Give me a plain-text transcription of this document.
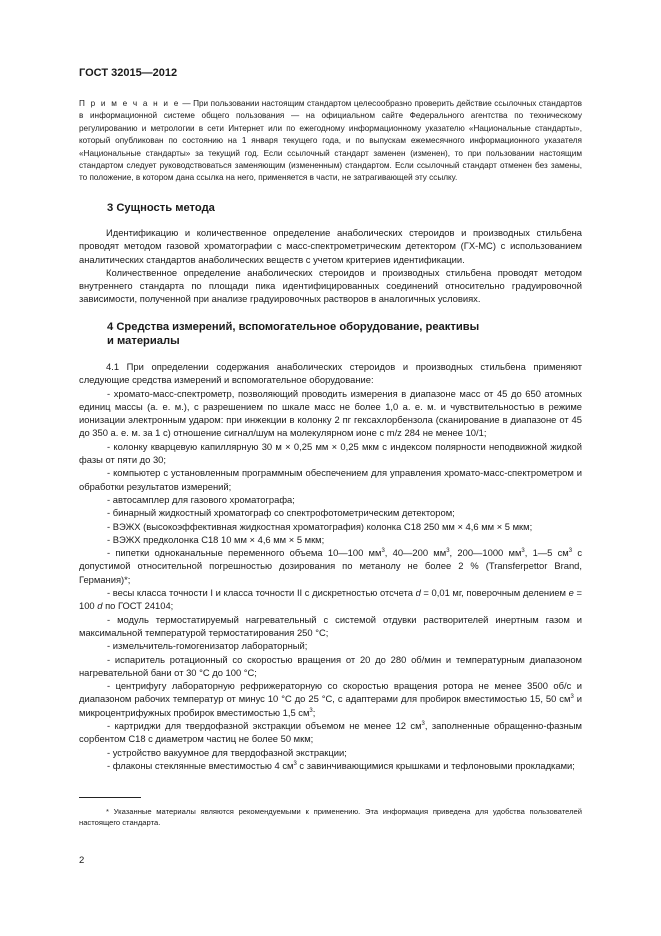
ГОСТ 32015—2012
П р и м е ч а н и е — При пользовании настоящим стандартом целесообразно проверить действие ссылочных стандартов в информационной системе общего пользования — на официальном сайте Федерального агентства по техническому регулированию и метрологии в сети Интернет или по ежегодному информационному указателю «Национальные стандарты», который опубликован по состоянию на 1 января текущего года, и по выпускам ежемесячного информационного указателя «Национальные стандарты» за текущий год. Если ссылочный стандарт заменен (изменен), то при пользовании настоящим стандартом следует руководствоваться заменяющим (измененным) стандартом. Если ссылочный стандарт отменен без замены, то положение, в котором дана ссылка на него, применяется в части, не затрагивающей эту ссылку.
3 Сущность метода

Идентификацию и количественное определение анаболических стероидов и производных стильбена проводят методом газовой хроматографии с масс-спектрометрическим детектором (ГХ-МС) с использованием аналитических стандартов анаболических веществ с учетом критериев идентификации.

Количественное определение анаболических стероидов и производных стильбена проводят методом внутреннего стандарта по площади пика идентифицированных соединений относительно градуировочной зависимости, полученной при анализе градуировочных растворов в аналогичных условиях.

4 Средства измерений, вспомогательное оборудование, реактивы
и материалы

4.1 При определении содержания анаболических стероидов и производных стильбена применяют следующие средства измерений и вспомогательное оборудование:

- хромато-масс-спектрометр, позволяющий проводить измерения в диапазоне масс от 45 до 650 атомных единиц массы (а. е. м.), с разрешением по шкале масс не более 1,0 а. е. м. и чувствительностью в режиме ионизации электронным ударом: при инжекции в колонку 2 пг гексахлорбензола (сканирование в диапазоне от 45 до 350 а. е. м. за 1 с) отношение сигнал/шум на молекулярном ионе с m/z 284 не менее 10/1;

- колонку кварцевую капиллярную 30 м × 0,25 мм × 0,25 мкм с индексом полярности неподвижной жидкой фазы от пяти до 30;

- компьютер с установленным программным обеспечением для управления хромато-масс-спектрометром и обработки результатов измерений;

- автосамплер для газового хроматографа;

- бинарный жидкостный хроматограф со спектрофотометрическим детектором;

- ВЭЖХ (высокоэффективная жидкостная хроматография) колонка С18 250 мм × 4,6 мм × 5 мкм;

- ВЭЖХ предколонка С18 10 мм × 4,6 мм × 5 мкм;

- пипетки одноканальные переменного объема 10—100 $мм^3$, 40—200 $мм^3$, 200—1000 $мм^3$, 1—5 $см^3$ с допустимой относительной погрешностью дозирования по метанолу не более 2 % (Transferpettor Brand, Германия)*;

- весы класса точности I и класса точности II с дискретностью отсчета d = 0,01 мг, поверочным делением e = 100 d по ГОСТ 24104;

- модуль термостатируемый нагревательный с системой отдувки растворителей инертным газом и максимальной температурой термостатирования 250 °С;

- измельчитель-гомогенизатор лабораторный;

- испаритель ротационный со скоростью вращения от 20 до 280 об/мин и температурным диапазоном нагревательной бани от 30 °С до 100 °С;

- центрифугу лабораторную рефрижераторную со скоростью вращения ротора не менее 3500 об/с и диапазоном рабочих температур от минус 10 °С до 25 °С, с адаптерами для пробирок вместимостью 15, 50 $см^3$ и микроцентрифужных пробирок вместимостью 1,5 $см^3$;

- картриджи для твердофазной экстракции объемом не менее 12 $см^3$, заполненные обращенно-фазным сорбентом С18 с диаметром частиц не более 50 мкм;

- устройство вакуумное для твердофазной экстракции;

- флаконы стеклянные вместимостью 4 $см^3$ с завинчивающимися крышками и тефлоновыми прокладками;

* Указанные материалы являются рекомендуемыми к применению. Эта информация приведена для удобства пользователей настоящего стандарта.
2
